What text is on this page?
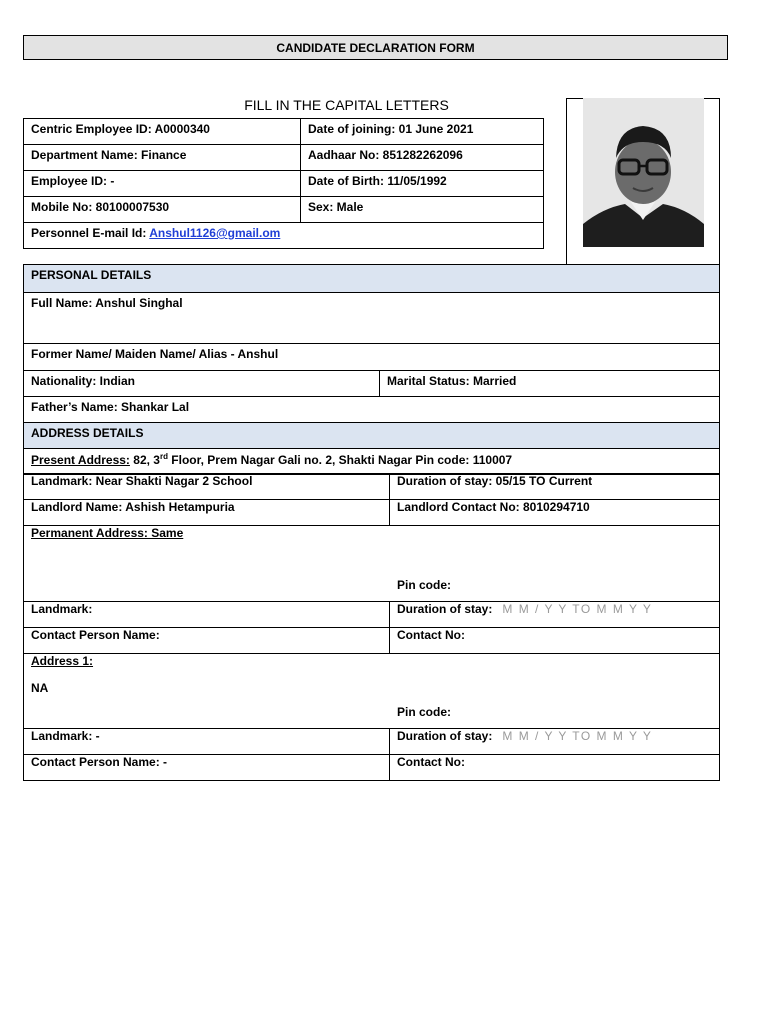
CANDIDATE DECLARATION FORM
FILL IN THE CAPITAL LETTERS
Centric Employee ID: A0000340	Date of joining: 01 June 2021
Department Name: Finance	Aadhaar No: 851282262096
Employee ID: -	Date of Birth: 11/05/1992
Mobile No: 80100007530	Sex: Male
Personnel E-mail Id: Anshul1126@gmail.om	
PERSONAL DETAILS
Full Name: Anshul Singhal
Former Name/ Maiden Name/ Alias - Anshul
Nationality: Indian	Marital Status: Married
Father’s Name: Shankar Lal
ADDRESS DETAILS
Present Address: 82, 3rd Floor, Prem Nagar Gali no. 2, Shakti Nagar Pin code: 110007
Landmark: Near Shakti Nagar 2 School	Duration of stay: 05/15 TO Current
Landlord Name: Ashish Hetampuria	Landlord Contact No: 8010294710
Permanent Address: Same
Pin code:	

Landmark:	Duration of stay: M M / Y Y TO M M Y Y
Contact Person Name:	Contact No:
Address 1:

NA
Pin code:	

Landmark: -	Duration of stay: M M / Y Y TO M M Y Y
Contact Person Name: -	Contact No:
